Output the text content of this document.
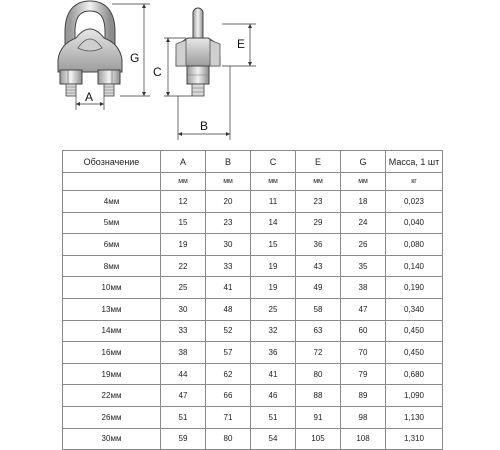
A
G
C
E
B
Обозначение	A	B	C	E	G	Масса, 1 шт
	мм	мм	мм	мм	мм	кг
4мм	12	20	11	23	18	0,023
5мм	15	23	14	29	24	0,040
6мм	19	30	15	36	26	0,080
8мм	22	33	19	43	35	0,140
10мм	25	41	19	49	38	0,190
13мм	30	48	25	58	47	0,340
14мм	33	52	32	63	60	0,450
16мм	38	57	36	72	70	0,450
19мм	44	62	41	80	79	0,680
22мм	47	66	46	88	89	1,090
26мм	51	71	51	91	98	1,130
30мм	59	80	54	105	108	1,310
